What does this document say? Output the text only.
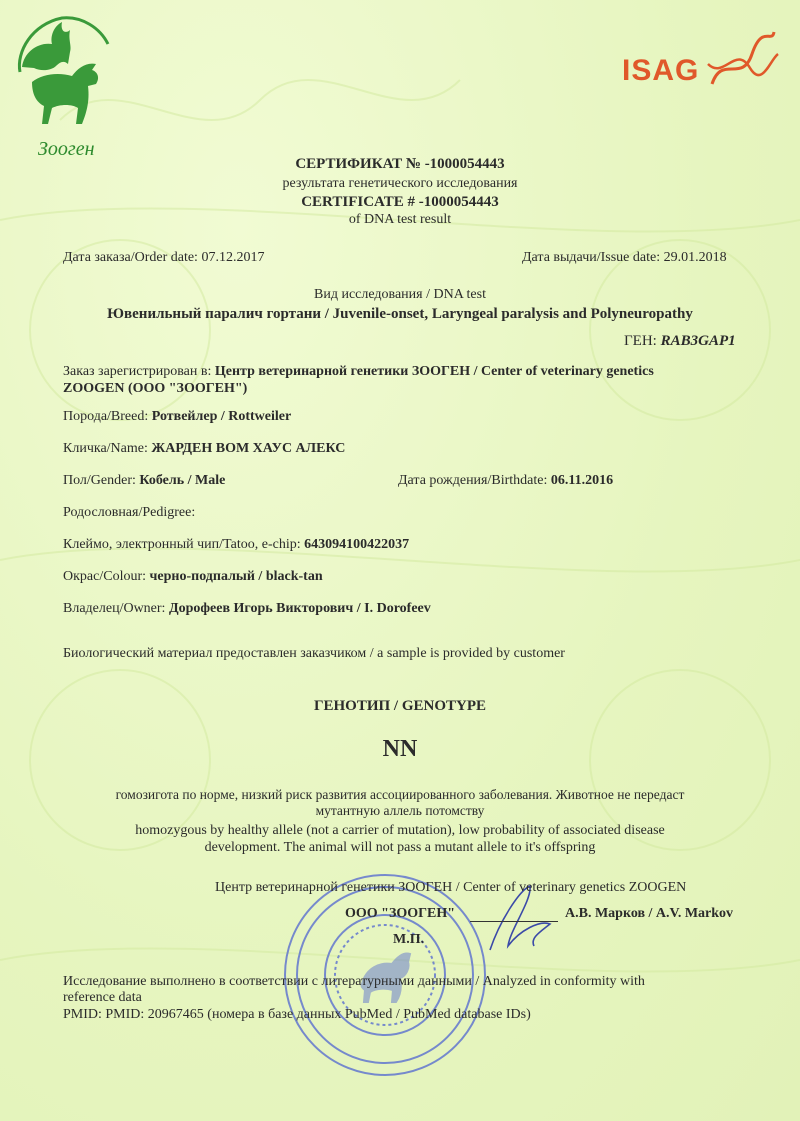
Зооген
ISAG
СЕРТИФИКАТ № -1000054443
результата генетического исследования
CERTIFICATE # -1000054443
of DNA test result
Дата заказа/Order date: 07.12.2017	Дата выдачи/Issue date: 29.01.2018
Вид исследования / DNA test
Ювенильный паралич гортани / Juvenile-onset, Laryngeal paralysis and Polyneuropathy
ГЕН: RAB3GAP1
Заказ зарегистрирован в: Центр ветеринарной генетики ЗООГЕН / Center of veterinary genetics
ZOOGEN (ООО "ЗООГЕН")
Порода/Breed: Ротвейлер / Rottweiler
Кличка/Name: ЖАРДЕН ВОМ ХАУС АЛЕКС
Пол/Gender: Кобель / Male	Дата рождения/Birthdate: 06.11.2016
Родословная/Pedigree:
Клеймо, электронный чип/Tatoo, e-chip: 643094100422037
Окрас/Colour: черно-подпалый / black-tan
Владелец/Owner: Дорофеев Игорь Викторович / I. Dorofeev
Биологический материал предоставлен заказчиком / a sample is provided by customer
ГЕНОТИП / GENOTYPE
NN
гомозигота по норме, низкий риск развития ассоциированного заболевания. Животное не передаст
мутантную аллель потомству
homozygous by healthy allele (not a carrier of mutation), low probability of associated disease
development. The animal will not pass a mutant allele to it's offspring
Центр ветеринарной генетики ЗООГЕН / Center of veterinary genetics ZOOGEN
ООО "ЗООГЕН"	А.В. Марков / A.V. Markov
М.П.
Исследование выполнено в соответствии с литературными данными / Analyzed in conformity with
reference data
PMID: PMID: 20967465 (номера в базе данных PubMed / PubMed database IDs)
